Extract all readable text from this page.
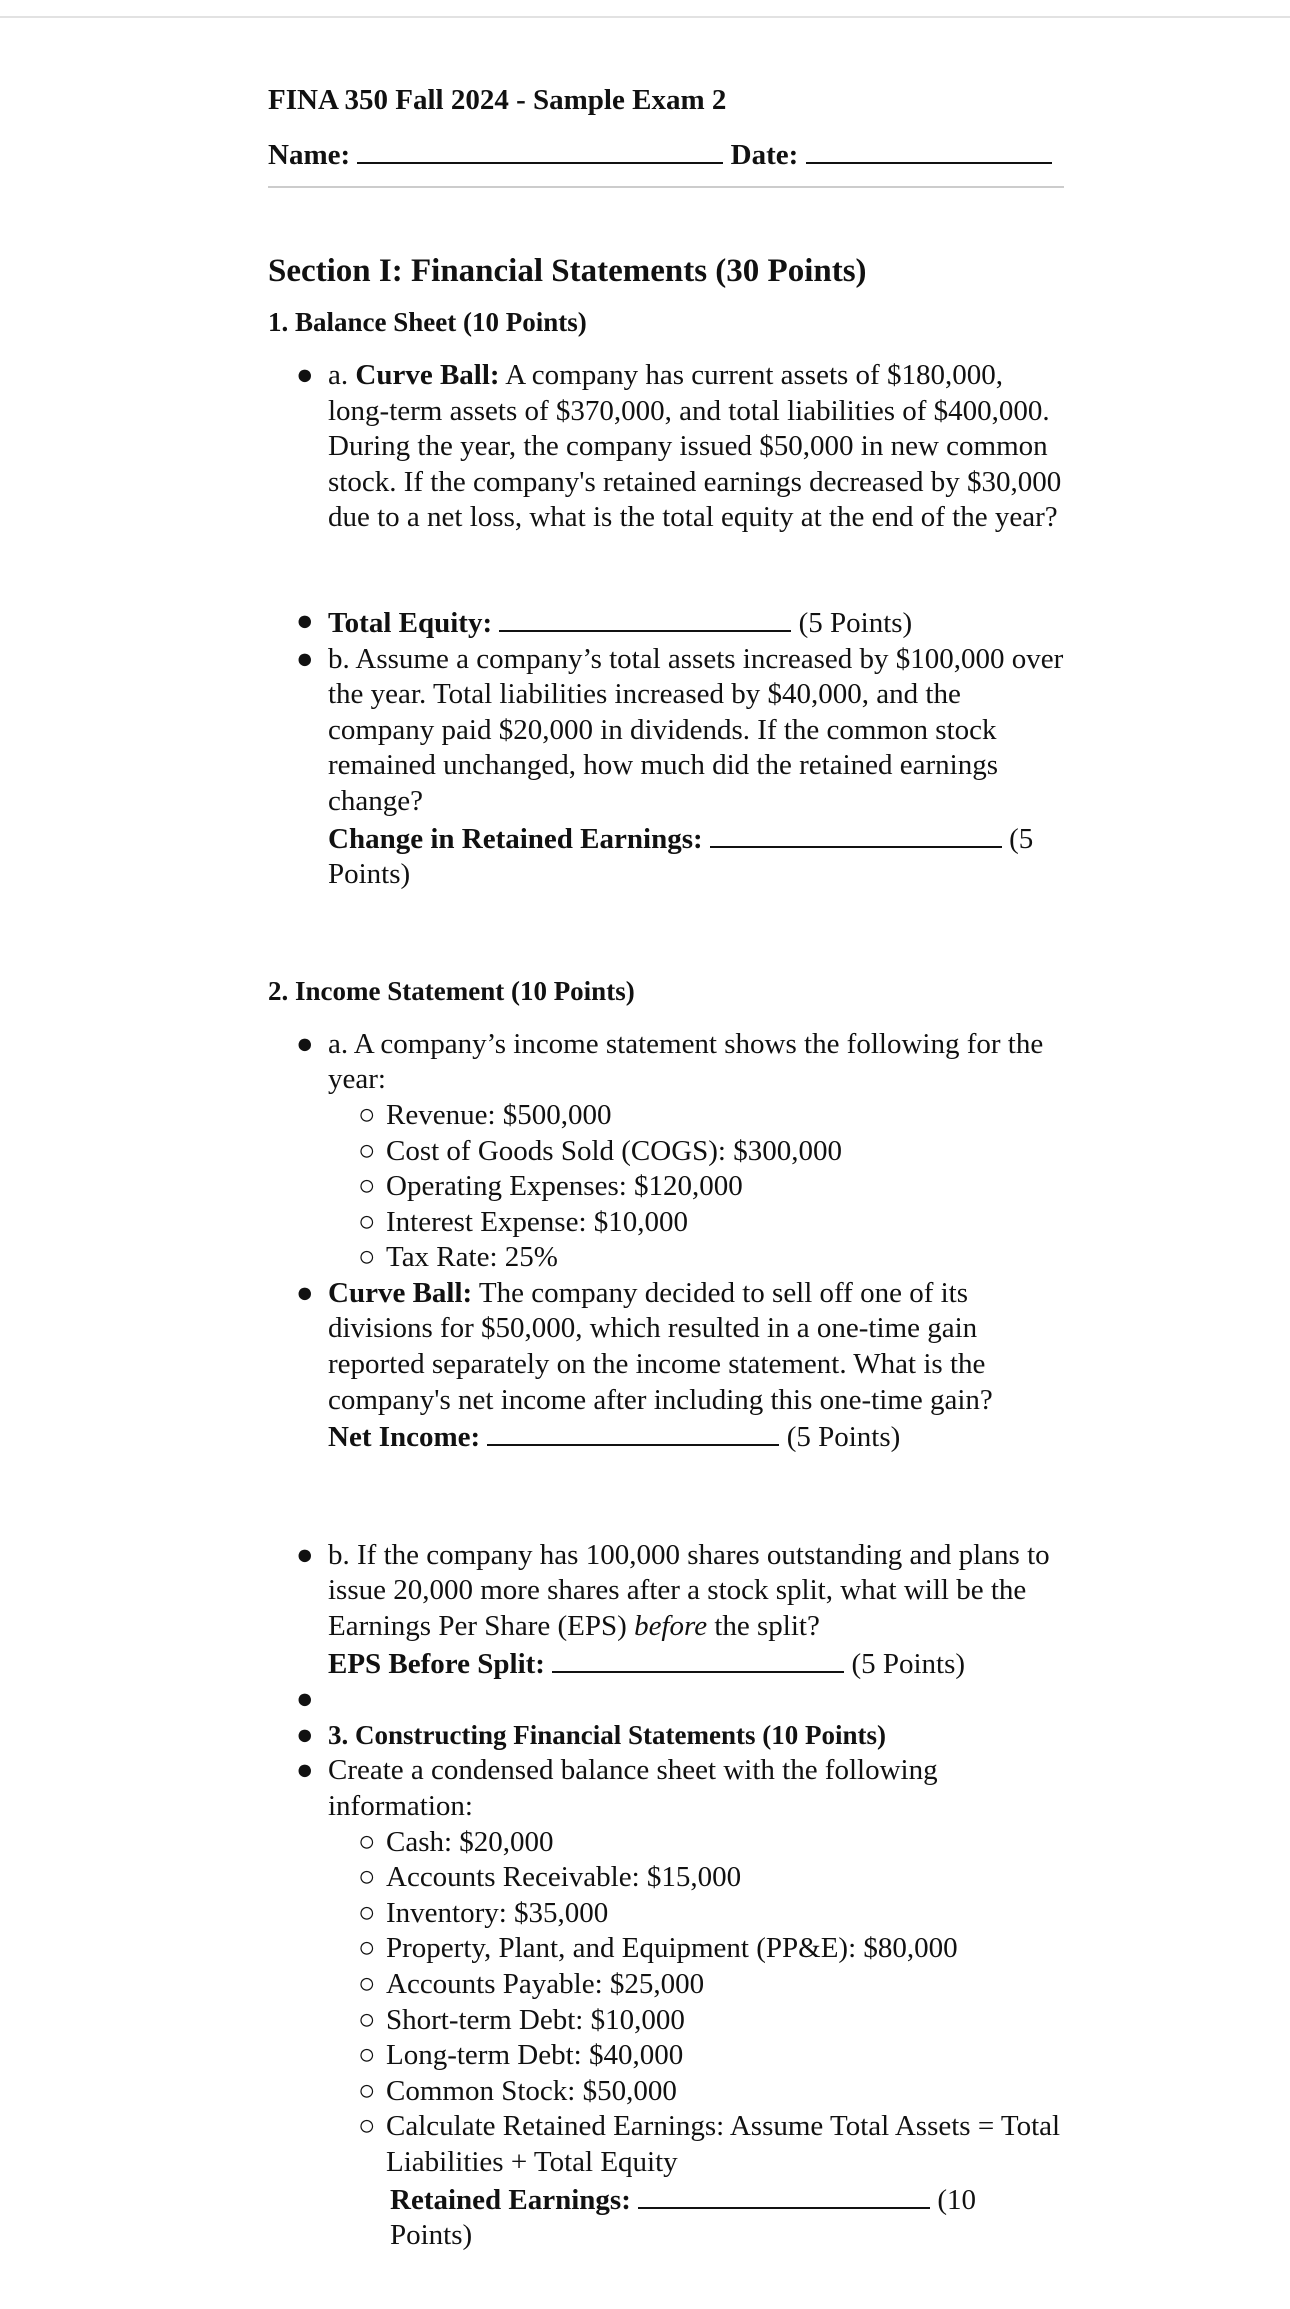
FINA 350 Fall 2024 - Sample Exam 2
Name:	Date:
Section I: Financial Statements (30 Points)
1. Balance Sheet (10 Points)
● a. Curve Ball: A company has current assets of $180,000, long-term assets of $370,000, and total liabilities of $400,000. During the year, the company issued $50,000 in new common stock. If the company's retained earnings decreased by $30,000 due to a net loss, what is the total equity at the end of the year?
● Total Equity:	(5 Points)
● b. Assume a company’s total assets increased by $100,000 over the year. Total liabilities increased by $40,000, and the company paid $20,000 in dividends. If the common stock remained unchanged, how much did the retained earnings change?
Change in Retained Earnings:	(5
Points)
2. Income Statement (10 Points)
● a. A company’s income statement shows the following for the year:
○ Revenue: $500,000
○ Cost of Goods Sold (COGS): $300,000
○ Operating Expenses: $120,000
○ Interest Expense: $10,000
○ Tax Rate: 25%
● Curve Ball: The company decided to sell off one of its divisions for $50,000, which resulted in a one-time gain reported separately on the income statement. What is the company's net income after including this one-time gain?
Net Income:	(5 Points)
● b. If the company has 100,000 shares outstanding and plans to issue 20,000 more shares after a stock split, what will be the Earnings Per Share (EPS) before the split?
EPS Before Split:	(5 Points)
●

● 3. Constructing Financial Statements (10 Points)
● Create a condensed balance sheet with the following information:
○ Cash: $20,000
○ Accounts Receivable: $15,000
○ Inventory: $35,000
○ Property, Plant, and Equipment (PP&E): $80,000
○ Accounts Payable: $25,000
○ Short-term Debt: $10,000
○ Long-term Debt: $40,000
○ Common Stock: $50,000
○ Calculate Retained Earnings: Assume Total Assets = Total Liabilities + Total Equity
Retained Earnings:	(10
Points)
